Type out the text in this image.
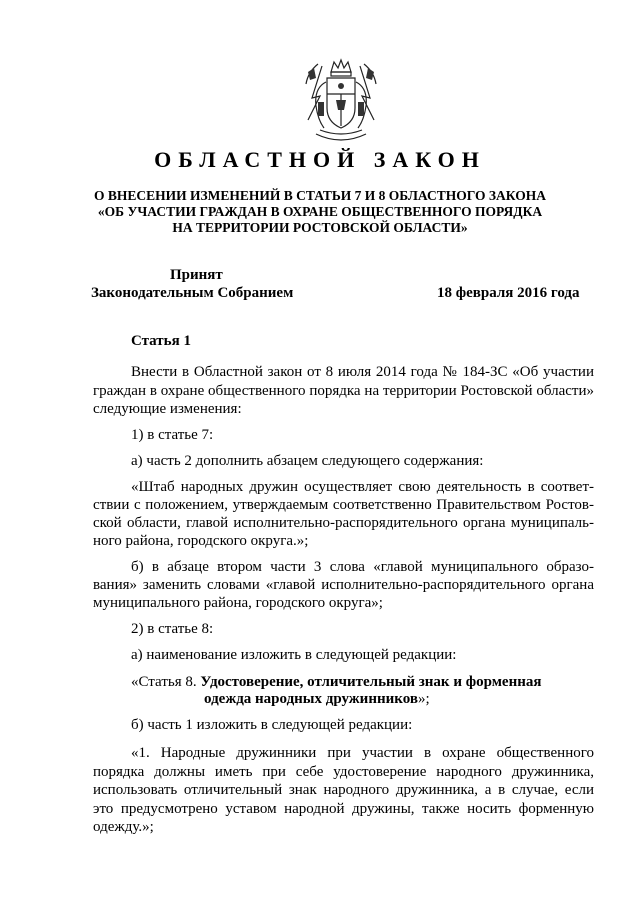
ОБЛАСТНОЙ ЗАКОН
О ВНЕСЕНИИ ИЗМЕНЕНИЙ В СТАТЬИ 7 И 8 ОБЛАСТНОГО ЗАКОНА
«ОБ УЧАСТИИ ГРАЖДАН В ОХРАНЕ ОБЩЕСТВЕННОГО ПОРЯДКА
НА ТЕРРИТОРИИ РОСТОВСКОЙ ОБЛАСТИ»
Принят
Законодательным Собранием	18 февраля 2016 года
Статья 1
Внести в Областной закон от 8 июля 2014 года № 184-ЗС «Об участии
граждан в охране общественного порядка на территории Ростовской области»
следующие изменения:
1) в статье 7:
а) часть 2 дополнить абзацем следующего содержания:
«Штаб народных дружин осуществляет свою деятельность в соответ-
ствии с положением, утверждаемым соответственно Правительством Ростов-
ской области, главой исполнительно-распорядительного органа муниципаль-
ного района, городского округа.»;
б) в абзаце втором части 3 слова «главой муниципального образо-
вания» заменить словами «главой исполнительно-распорядительного органа
муниципального района, городского округа»;
2) в статье 8:
а) наименование изложить в следующей редакции:
«Статья 8. Удостоверение, отличительный знак и форменная
одежда народных дружинников»;
б) часть 1 изложить в следующей редакции:
«1. Народные дружинники при участии в охране общественного
порядка должны иметь при себе удостоверение народного дружинника,
использовать отличительный знак народного дружинника, а в случае, если
это предусмотрено уставом народной дружины, также носить форменную
одежду.»;
